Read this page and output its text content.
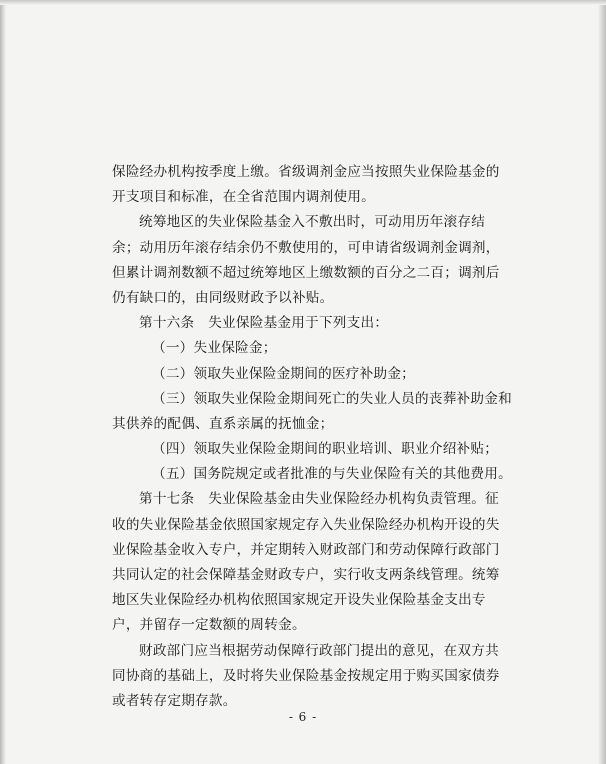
保险经办机构按季度上缴。省级调剂金应当按照失业保险基金的
开支项目和标准，在全省范围内调剂使用。
统筹地区的失业保险基金入不敷出时，可动用历年滚存结
余；动用历年滚存结余仍不敷使用的，可申请省级调剂金调剂，
但累计调剂数额不超过统筹地区上缴数额的百分之二百；调剂后
仍有缺口的，由同级财政予以补贴。
第十六条　失业保险基金用于下列支出：
（一）失业保险金；
（二）领取失业保险金期间的医疗补助金；
（三）领取失业保险金期间死亡的失业人员的丧葬补助金和
其供养的配偶、直系亲属的抚恤金；
（四）领取失业保险金期间的职业培训、职业介绍补贴；
（五）国务院规定或者批准的与失业保险有关的其他费用。
第十七条　失业保险基金由失业保险经办机构负责管理。征
收的失业保险基金依照国家规定存入失业保险经办机构开设的失
业保险基金收入专户，并定期转入财政部门和劳动保障行政部门
共同认定的社会保障基金财政专户，实行收支两条线管理。统筹
地区失业保险经办机构依照国家规定开设失业保险基金支出专
户，并留存一定数额的周转金。
财政部门应当根据劳动保障行政部门提出的意见，在双方共
同协商的基础上，及时将失业保险基金按规定用于购买国家债券
或者转存定期存款。
- 6 -
